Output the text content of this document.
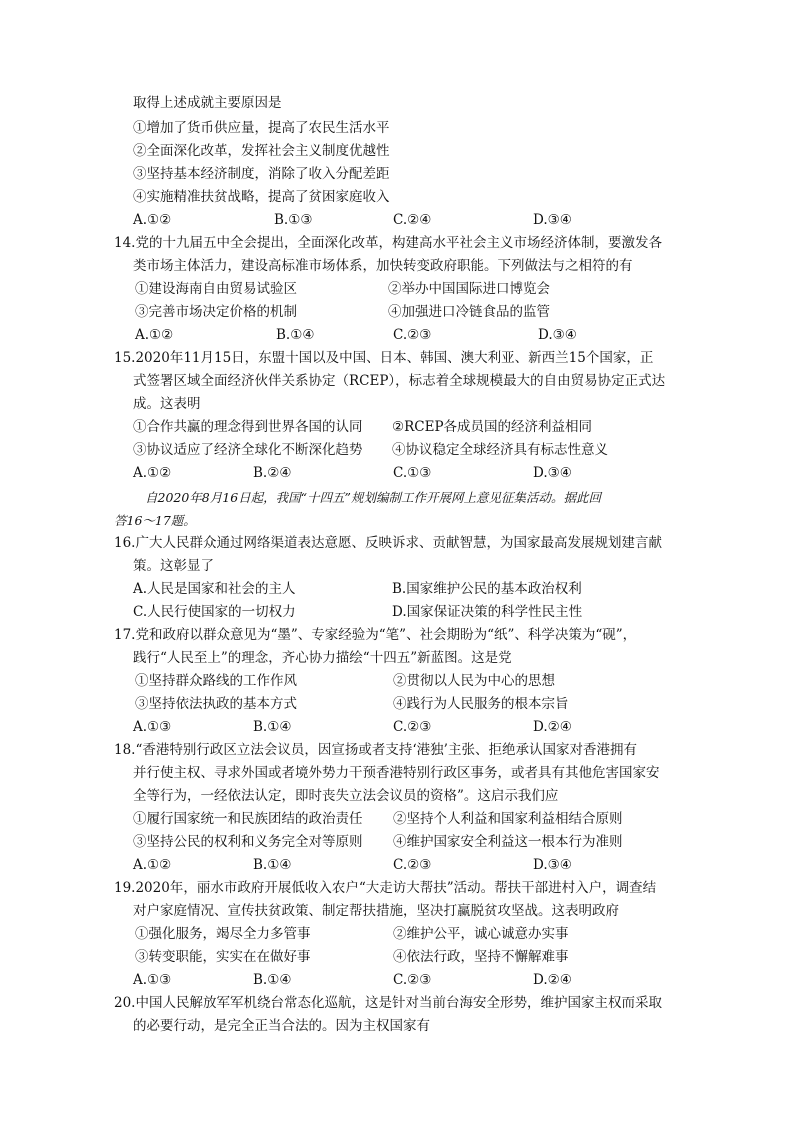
取得上述成就主要原因是
①增加了货币供应量，提高了农民生活水平
②全面深化改革，发挥社会主义制度优越性
③坚持基本经济制度，消除了收入分配差距
④实施精准扶贫战略，提高了贫困家庭收入
A.①②	B.①③	C.②④	D.③④
14.党的十九届五中全会提出，全面深化改革，构建高水平社会主义市场经济体制，要激发各
类市场主体活力，建设高标准市场体系，加快转变政府职能。下列做法与之相符的有
①建设海南自由贸易试验区	②举办中国国际进口博览会
③完善市场决定价格的机制	④加强进口冷链食品的监管
A.①②	B.①④	C.②③	D.③④
15.2020年11月15日，东盟十国以及中国、日本、韩国、澳大利亚、新西兰15个国家，正
式签署区域全面经济伙伴关系协定（RCEP），标志着全球规模最大的自由贸易协定正式达
成。这表明
①合作共赢的理念得到世界各国的认同 ②RCEP各成员国的经济利益相同
③协议适应了经济全球化不断深化趋势 ④协议稳定全球经济具有标志性意义
A.①②	B.②④	C.①③	D.③④
自2020年8月16日起，我国“十四五”规划编制工作开展网上意见征集活动。据此回
答16～17题。
16.广大人民群众通过网络渠道表达意愿、反映诉求、贡献智慧，为国家最高发展规划建言献
策。这彰显了
A.人民是国家和社会的主人	B.国家维护公民的基本政治权利
C.人民行使国家的一切权力	D.国家保证决策的科学性民主性
17.党和政府以群众意见为“墨”、专家经验为“笔”、社会期盼为“纸”、科学决策为“砚”，
践行“人民至上”的理念，齐心协力描绘“十四五”新蓝图。这是党
①坚持群众路线的工作作风	②贯彻以人民为中心的思想
③坚持依法执政的基本方式	④践行为人民服务的根本宗旨
A.①③	B.①④	C.②③	D.②④
18.“香港特别行政区立法会议员，因宣扬或者支持‘港独’主张、拒绝承认国家对香港拥有
并行使主权、寻求外国或者境外势力干预香港特别行政区事务，或者具有其他危害国家安
全等行为，一经依法认定，即时丧失立法会议员的资格”。这启示我们应
①履行国家统一和民族团结的政治责任 ②坚持个人利益和国家利益相结合原则
③坚持公民的权利和义务完全对等原则 ④维护国家安全利益这一根本行为准则
A.①②	B.①④	C.②③	D.③④
19.2020年，丽水市政府开展低收入农户“大走访大帮扶”活动。帮扶干部进村入户，调查结
对户家庭情况、宣传扶贫政策、制定帮扶措施，坚决打赢脱贫攻坚战。这表明政府
①强化服务，竭尽全力多管事	②维护公平，诚心诚意办实事
③转变职能，实实在在做好事	④依法行政，坚持不懈解难事
A.①③	B.①④	C.②③	D.②④
20.中国人民解放军军机绕台常态化巡航，这是针对当前台海安全形势，维护国家主权而采取
的必要行动，是完全正当合法的。因为主权国家有
